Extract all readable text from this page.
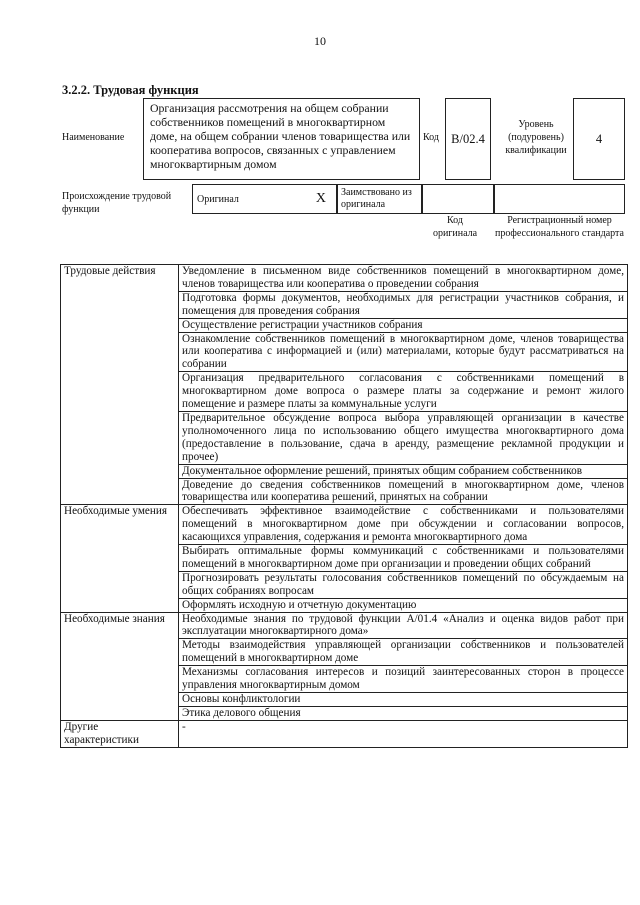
10
3.2.2. Трудовая функция
Наименование
Организация рассмотрения на общем собрании собственников помещений в многоквартирном доме, на общем собрании членов товарищества или кооператива вопросов, связанных с управлением многоквартирным домом
Код В/02.4
Уровень (подуровень) квалификации
4
Происхождение трудовой функции
Оригинал	X	Заимствовано из оригинала
Код оригинала
Регистрационный номер профессионального стандарта
Трудовые действия	Уведомление в письменном виде собственников помещений в многоквартирном доме, членов товарищества или кооператива о проведении собрания
	Подготовка формы документов, необходимых для регистрации участников собрания, и помещения для проведения собрания
	Осуществление регистрации участников собрания
	Ознакомление собственников помещений в многоквартирном доме, членов товарищества или кооператива с информацией и (или) материалами, которые будут рассматриваться на собрании
	Организация предварительного согласования с собственниками помещений в многоквартирном доме вопроса о размере платы за содержание и ремонт жилого помещение и размере платы за коммунальные услуги
	Предварительное обсуждение вопроса выбора управляющей организации в качестве уполномоченного лица по использованию общего имущества многоквартирного дома (предоставление в пользование, сдача в аренду, размещение рекламной продукции и прочее)
	Документальное оформление решений, принятых общим собранием собственников
	Доведение до сведения собственников помещений в многоквартирном доме, членов товарищества или кооператива решений, принятых на собрании
Необходимые умения	Обеспечивать эффективное взаимодействие с собственниками и пользователями помещений в многоквартирном доме при обсуждении и согласовании вопросов, касающихся управления, содержания и ремонта многоквартирного дома
	Выбирать оптимальные формы коммуникаций с собственниками и пользователями помещений в многоквартирном доме при организации и проведении общих собраний
	Прогнозировать результаты голосования собственников помещений по обсуждаемым на общих собраниях вопросам
	Оформлять исходную и отчетную документацию
Необходимые знания	Необходимые знания по трудовой функции А/01.4 «Анализ и оценка видов работ при эксплуатации многоквартирного дома»
	Методы взаимодействия управляющей организации собственников и пользователей помещений в многоквартирном доме
	Механизмы согласования интересов и позиций заинтересованных сторон в процессе управления многоквартирным домом
	Основы конфликтологии
	Этика делового общения
Другие характеристики	-
